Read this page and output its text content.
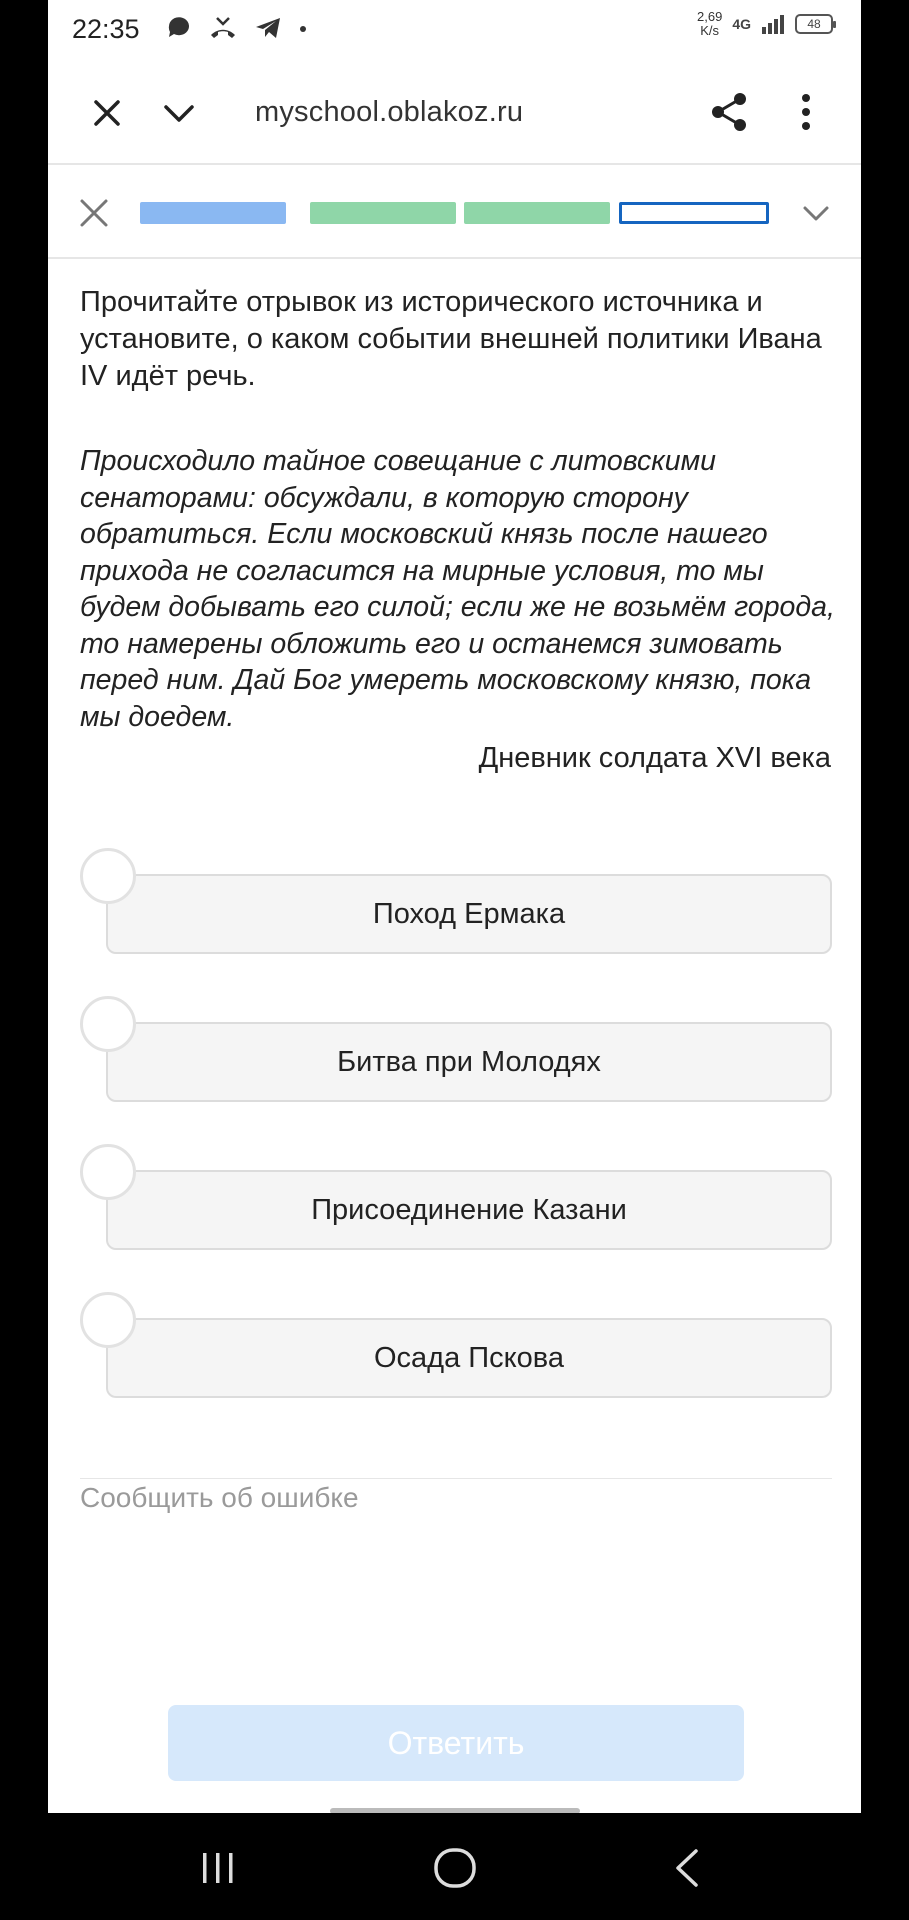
22:35	2,69
K/s 4G	48
myschool.oblakoz.ru
Прочитайте отрывок из исторического источника и установите, о каком событии внешней политики Ивана IV идёт речь.
Происходило тайное совещание с литовскими сенаторами: обсуждали, в которую сторону обратиться. Если московский князь после нашего прихода не согласится на мирные условия, то мы будем добывать его силой; если же не возьмём города, то намерены обложить его и останемся зимовать перед ним. Дай Бог умереть московскому князю, пока мы доедем.
Дневник солдата XVI века
Поход Ермака
Битва при Молодях
Присоединение Казани
Осада Пскова
Сообщить об ошибке
Ответить
